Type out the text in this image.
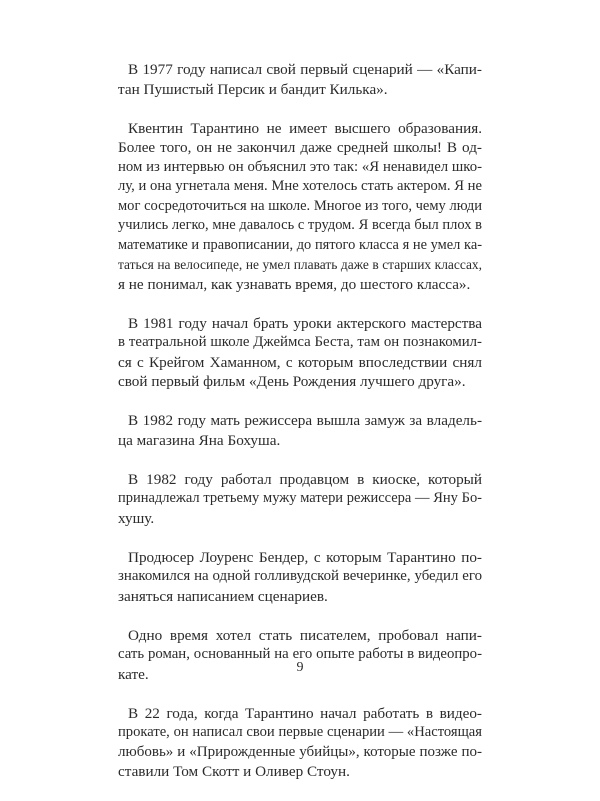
В 1977 году написал свой первый сценарий — «Капи-
тан Пушистый Персик и бандит Килька».

Квентин Тарантино не имеет высшего образования.
Более того, он не закончил даже средней школы! В од-
ном из интервью он объяснил это так: «Я ненавидел шко-
лу, и она угнетала меня. Мне хотелось стать актером. Я не
мог сосредоточиться на школе. Многое из того, чему люди
учились легко, мне давалось с трудом. Я всегда был плох в
математике и правописании, до пятого класса я не умел ка-
таться на велосипеде, не умел плавать даже в старших классах,
я не понимал, как узнавать время, до шестого класса».

В 1981 году начал брать уроки актерского мастерства
в театральной школе Джеймса Беста, там он познакомил-
ся с Крейгом Хаманном, с которым впоследствии снял
свой первый фильм «День Рождения лучшего друга».

В 1982 году мать режиссера вышла замуж за владель-
ца магазина Яна Бохуша.

В 1982 году работал продавцом в киоске, который
принадлежал третьему мужу матери режиссера — Яну Бо-
хушу.

Продюсер Лоуренс Бендер, с которым Тарантино по-
знакомился на одной голливудской вечеринке, убедил его
заняться написанием сценариев.

Одно время хотел стать писателем, пробовал напи-
сать роман, основанный на его опыте работы в видеопро-
кате.

В 22 года, когда Тарантино начал работать в видео-
прокате, он написал свои первые сценарии — «Настоящая
любовь» и «Прирожденные убийцы», которые позже по-
ставили Том Скотт и Оливер Стоун.

9
